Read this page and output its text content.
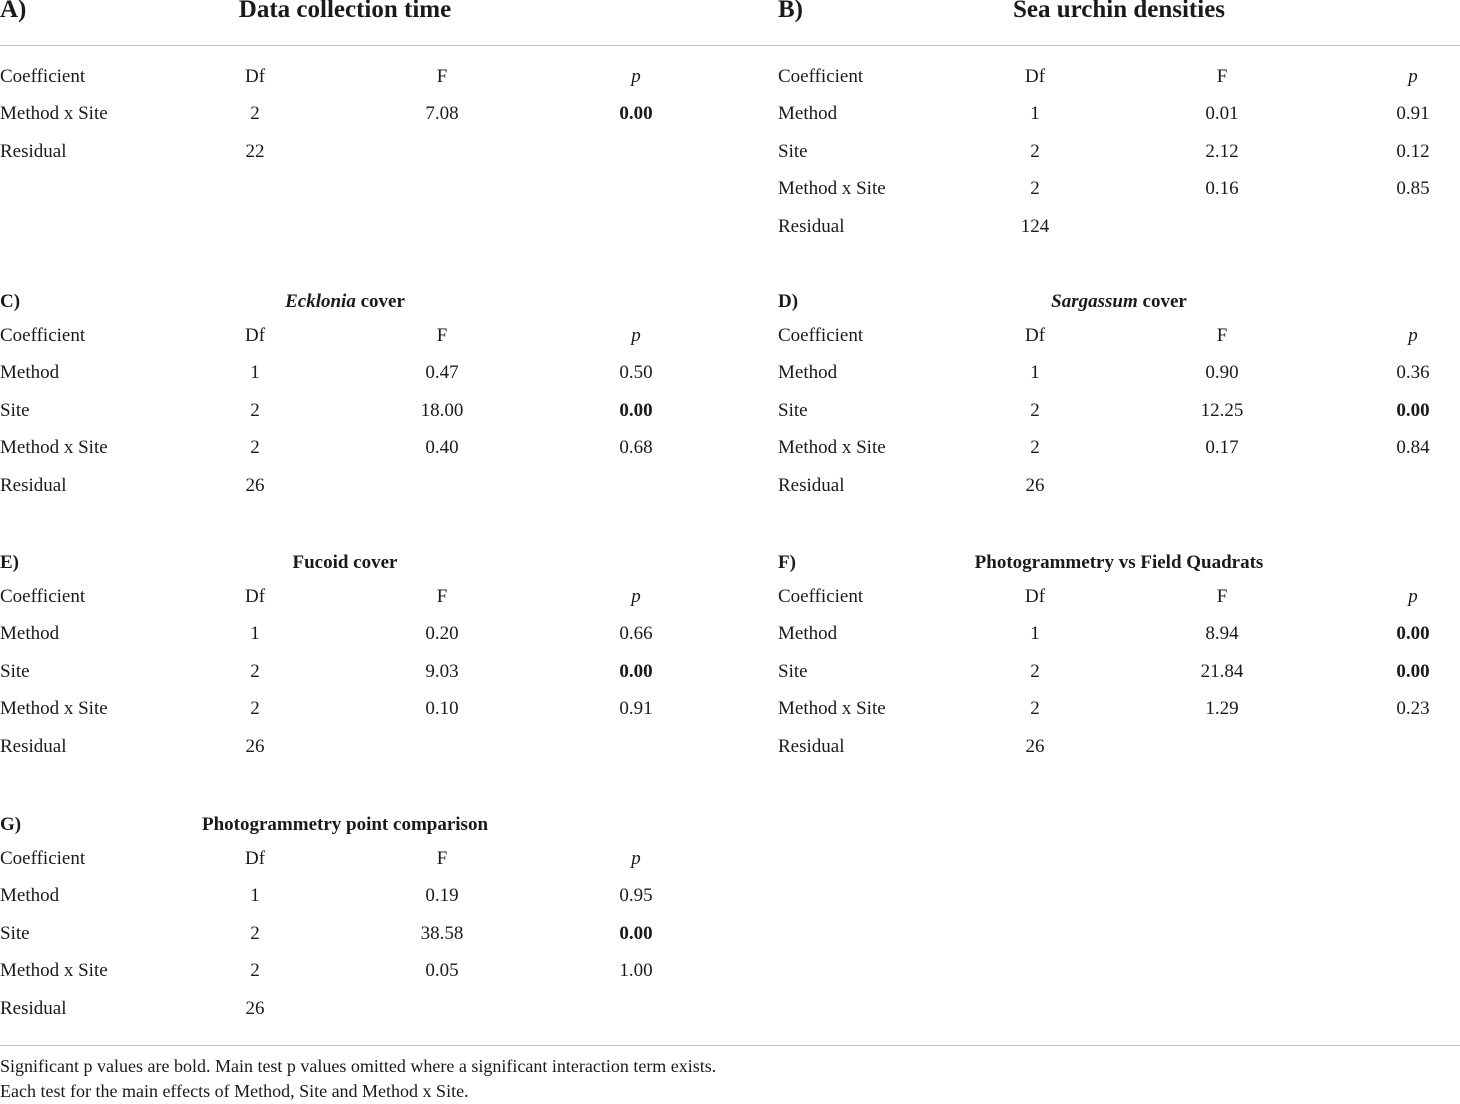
A)	Data collection time
Coefficient	Df	F	p
Method x Site	2	7.08	0.00
Residual	22
B)	Sea urchin densities
Coefficient	Df	F	p
Method	1	0.01	0.91
Site	2	2.12	0.12
Method x Site	2	0.16	0.85
Residual	124
C)	Ecklonia cover
Coefficient	Df	F	p
Method	1	0.47	0.50
Site	2	18.00	0.00
Method x Site	2	0.40	0.68
Residual	26
D)	Sargassum cover
Coefficient	Df	F	p
Method	1	0.90	0.36
Site	2	12.25	0.00
Method x Site	2	0.17	0.84
Residual	26
E)	Fucoid cover
Coefficient	Df	F	p
Method	1	0.20	0.66
Site	2	9.03	0.00
Method x Site	2	0.10	0.91
Residual	26
F)	Photogrammetry vs Field Quadrats
Coefficient	Df	F	p
Method	1	8.94	0.00
Site	2	21.84	0.00
Method x Site	2	1.29	0.23
Residual	26
G)	Photogrammetry point comparison
Coefficient	Df	F	p
Method	1	0.19	0.95
Site	2	38.58	0.00
Method x Site	2	0.05	1.00
Residual	26
Significant p values are bold. Main test p values omitted where a significant interaction term exists.
Each test for the main effects of Method, Site and Method x Site.
